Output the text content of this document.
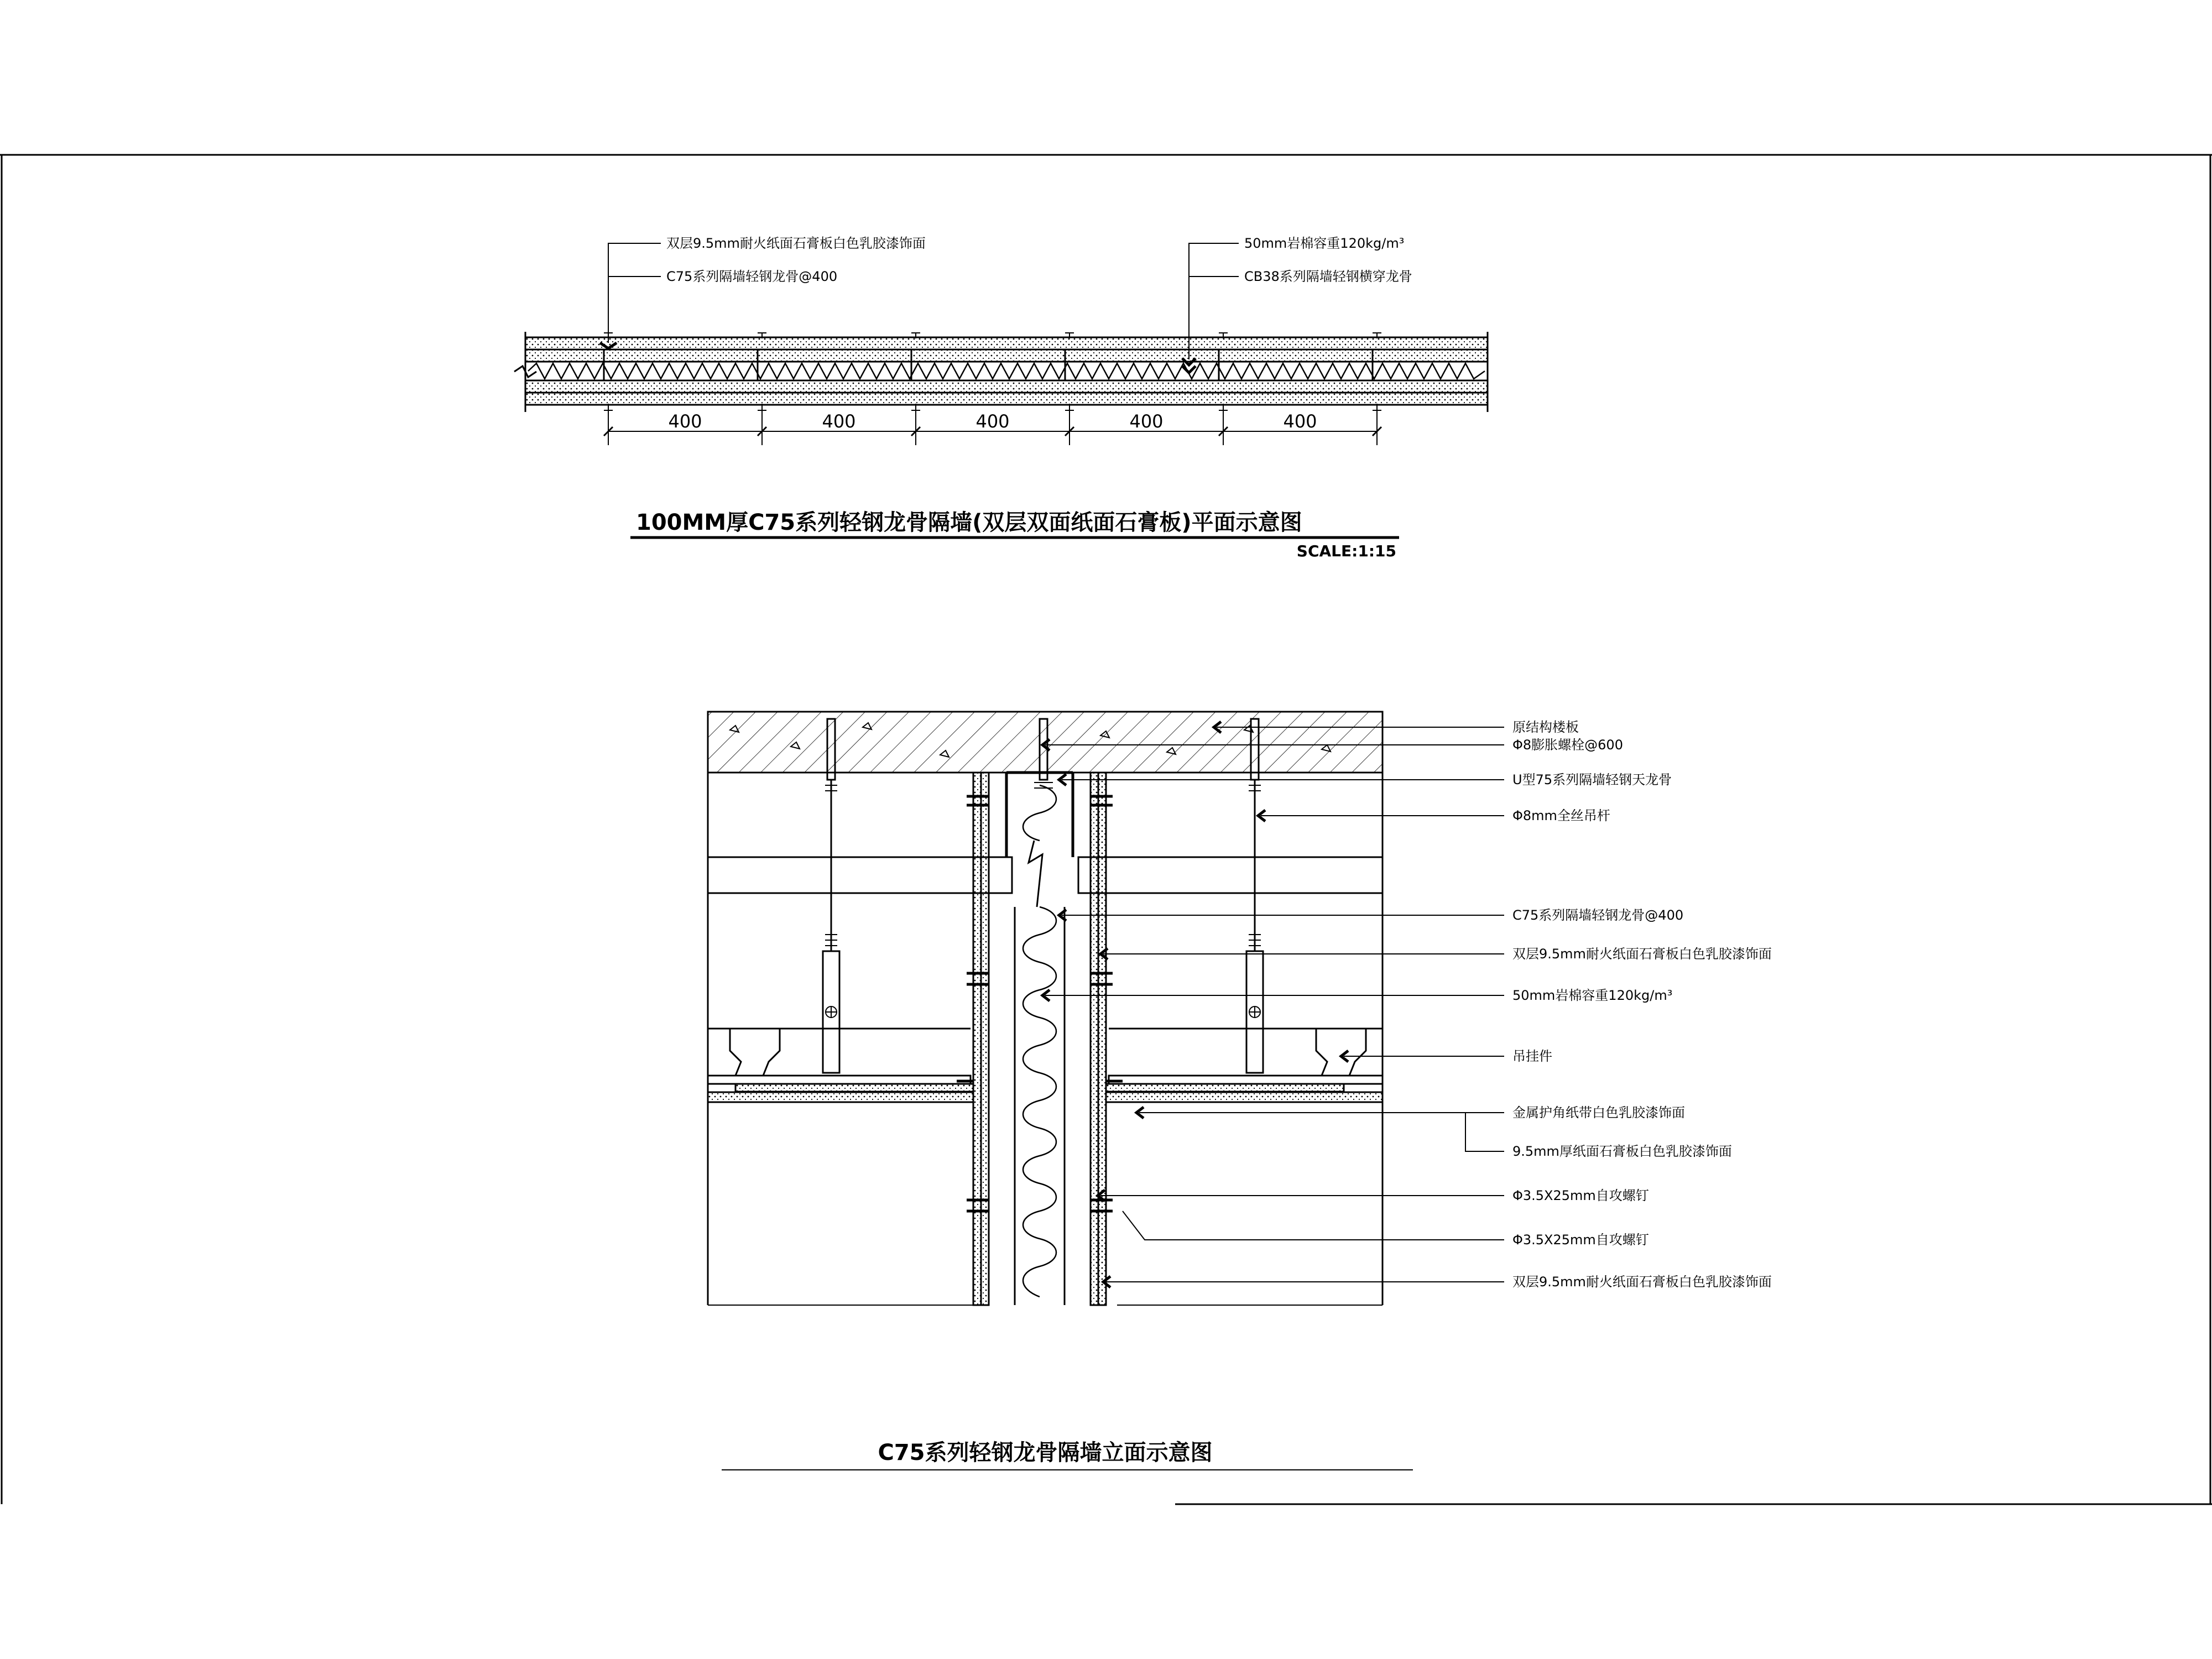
双层9.5mm耐火纸面石膏板白色乳胶漆饰面
C75系列隔墙轻钢龙骨@400
50mm岩棉容重120kg/m³
CB38系列隔墙轻钢横穿龙骨
400	400	400	400	400
100MM厚C75系列轻钢龙骨隔墙(双层双面纸面石膏板)平面示意图
SCALE:1:15
原结构楼板
Φ8膨胀螺栓@600
U型75系列隔墙轻钢天龙骨
Φ8mm全丝吊杆
C75系列隔墙轻钢龙骨@400
双层9.5mm耐火纸面石膏板白色乳胶漆饰面
50mm岩棉容重120kg/m³
吊挂件
金属护角纸带白色乳胶漆饰面
9.5mm厚纸面石膏板白色乳胶漆饰面
Φ3.5X25mm自攻螺钉
Φ3.5X25mm自攻螺钉
双层9.5mm耐火纸面石膏板白色乳胶漆饰面
C75系列轻钢龙骨隔墙立面示意图
